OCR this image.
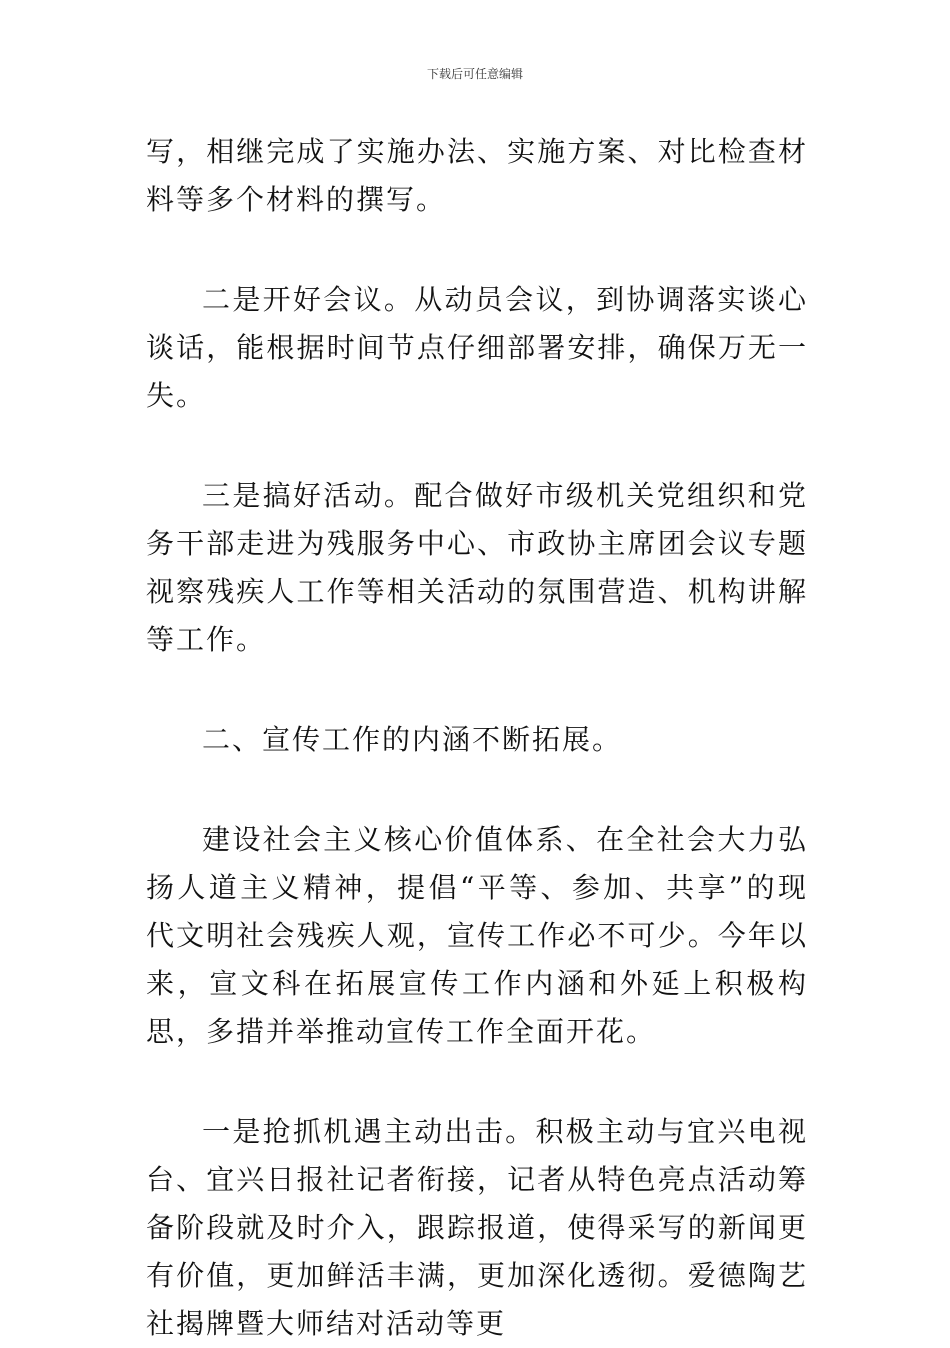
下载后可任意编辑

写，相继完成了实施办法、实施方案、对比检查材料等多个材料的撰写。

二是开好会议。从动员会议，到协调落实谈心谈话，能根据时间节点仔细部署安排，确保万无一失。

三是搞好活动。配合做好市级机关党组织和党务干部走进为残服务中心、市政协主席团会议专题视察残疾人工作等相关活动的氛围营造、机构讲解等工作。

二、宣传工作的内涵不断拓展。

建设社会主义核心价值体系、在全社会大力弘扬人道主义精神，提倡“平等、参加、共享”的现代文明社会残疾人观，宣传工作必不可少。今年以来，宣文科在拓展宣传工作内涵和外延上积极构思，多措并举推动宣传工作全面开花。

一是抢抓机遇主动出击。积极主动与宜兴电视台、宜兴日报社记者衔接，记者从特色亮点活动筹备阶段就及时介入，跟踪报道，使得采写的新闻更有价值，更加鲜活丰满，更加深化透彻。爱德陶艺社揭牌暨大师结对活动等更
